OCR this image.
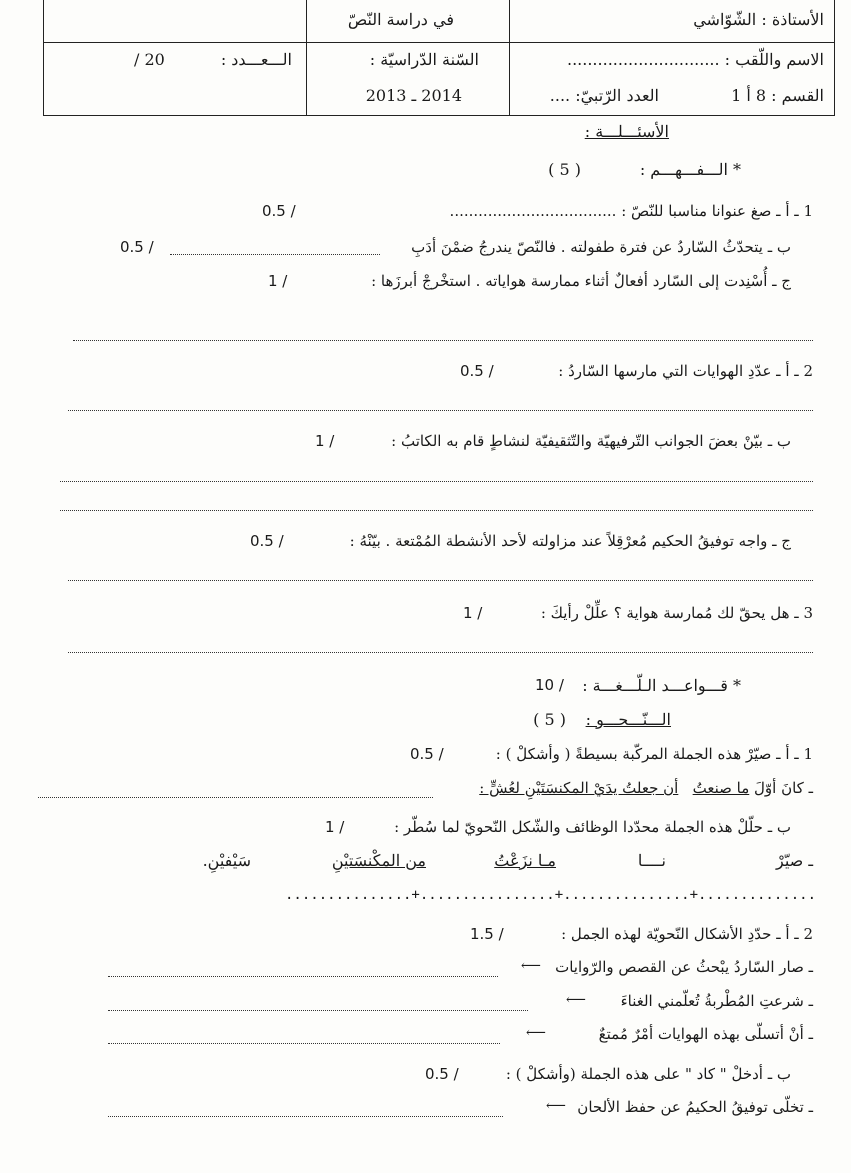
الأستاذة : الشّوّاشي
في دراسة النّصّ
الاسم واللّقب : ..............................
السّنة الدّراسيّة :
الـــعـــدد :
/ 20
القسم : 8 أ 1
العدد الرّتبيّ: ....
2014 ـ 2013
الأسئـــلـــة :
* الـــفـــهـــم :
( 5 )
1 ـ أ ـ صغ عنوانا مناسبا للنّصّ : ...................................
0.5 /
ب ـ يتحدّثُ السّاردُ عن فترة طفولته . فالنّصّ يندرجُ ضمْنَ أدَبِ
0.5 /
ج ـ أُسْنِدت إلى السّارد أفعالٌ أثناء ممارسة هواياته . استخْرجْ أبرزَها :
1 /
2 ـ أ ـ عدّدِ الهوايات التي مارسها السّاردُ :
0.5 /
ب ـ بيّنْ بعضَ الجوانب التّرفيهيّة والتّثقيفيّة لنشاطٍ قام به الكاتبُ :
1 /
ج ـ واجه توفيقُ الحكيم مُعرْقِلاً عند مزاولته لأحد الأنشطة المُمْتعة . بيّنْهُ :
0.5 /
3 ـ هل يحقّ لك مُمارسة هواية ؟ علِّلْ رأيكَ :
1 /
* قـــواعـــد الـلّـــغـــة :
10 /
الـــنّـــحـــو :
( 5 )
1 ـ أ ـ صيّرْ هذه الجملة المركّبة بسيطةً ( وأشكلْ ) :
0.5 /
ـ كانَ أوّلَ ما صنعتُ   أن جعلتُ يدَيْ المكنسَتَيْنِ لعُشٍّ :
ب ـ حلّلْ هذه الجملة محدّدا الوظائف والشّكل النّحويّ لما سُطّر :
1 /
ـ صيّرْ
نــــا
مـا نزَعْتُ
من المكْنسَتيْنِ
سَيْفيْنِ.
...............+................+...............+..............
2 ـ أ ـ حدّدِ الأشكال النّحويّة لهذه الجمل :
1.5 /
ـ صار السّاردُ يبْحثُ عن القصص والرّوايات
⟵
ـ شرعتِ المُطْربةُ تُعلّمني الغناءَ
⟵
ـ أنْ أتسلّى بهذه الهوايات أمْرٌ مُمتعٌ
⟵
ب ـ أدخلْ " كاد " على هذه الجملة (وأشكلْ ) :
0.5 /
ـ تخلّى توفيقُ الحكيمُ عن حفظ الألحان
⟵
